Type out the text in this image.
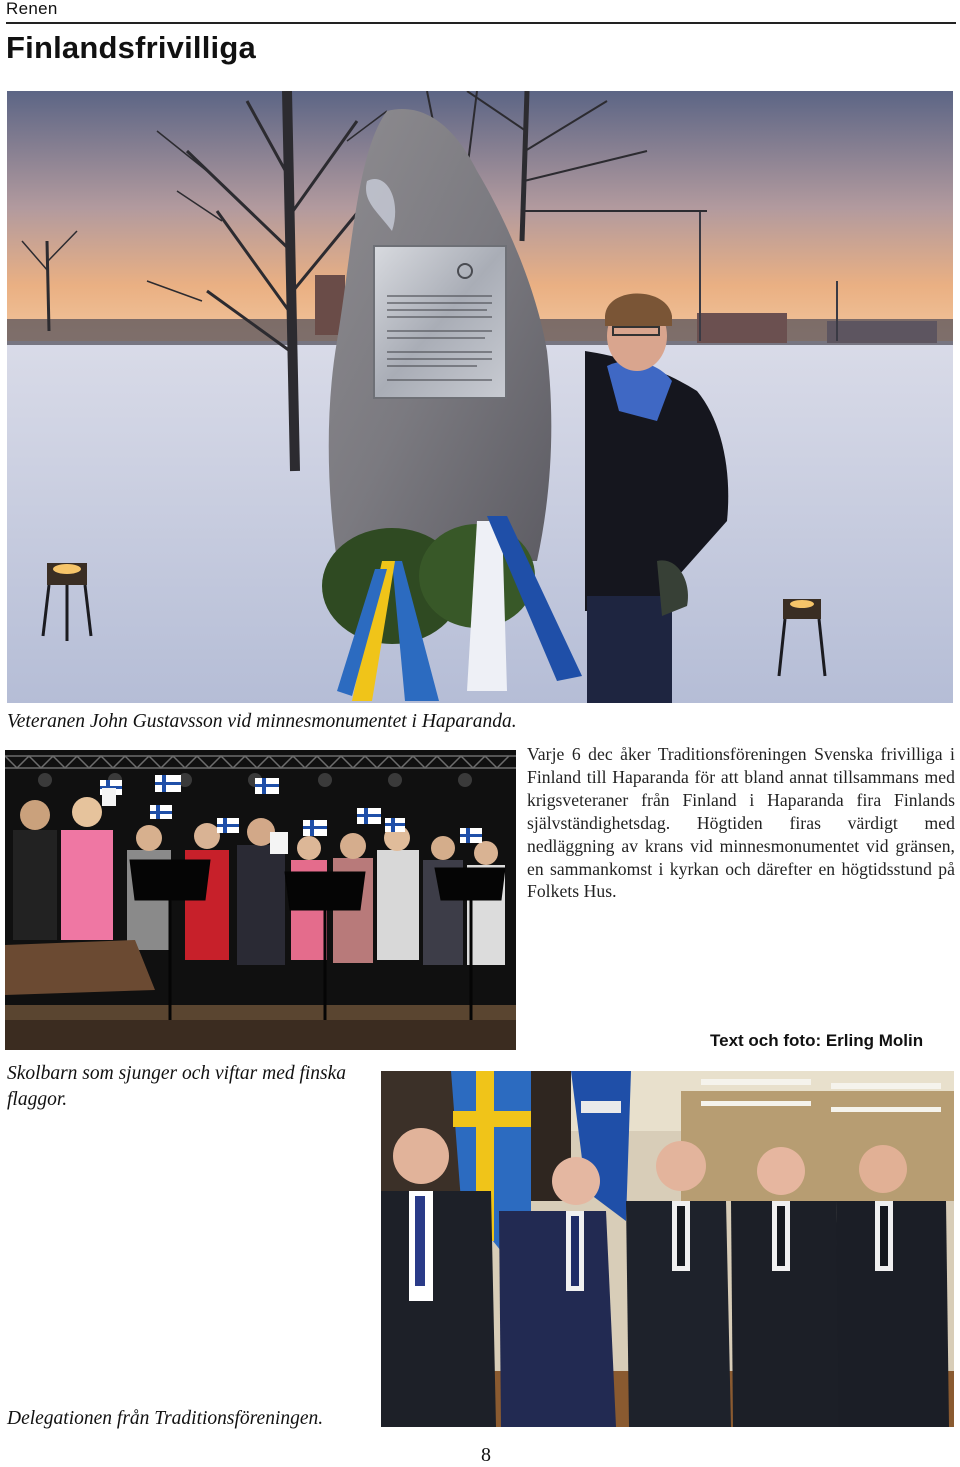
Renen
Finlandsfrivilliga
Veteranen John Gustavsson vid minnesmonumentet i Haparanda.

Varje 6 dec åker Traditionsföreningen Svenska frivilliga i Finland till Haparanda för att bland annat tillsammans med krigsveteraner från Finland i Haparanda fira Finlands självständighetsdag. Högtiden firas värdigt med nedläggning av krans vid minnesmonumentet vid gränsen, en sammankomst i kyrkan och därefter en högtidsstund på Folkets Hus.

Text och foto: Erling Molin
Skolbarn som sjunger och viftar med finska flaggor.
Delegationen från Traditionsföreningen.
8
